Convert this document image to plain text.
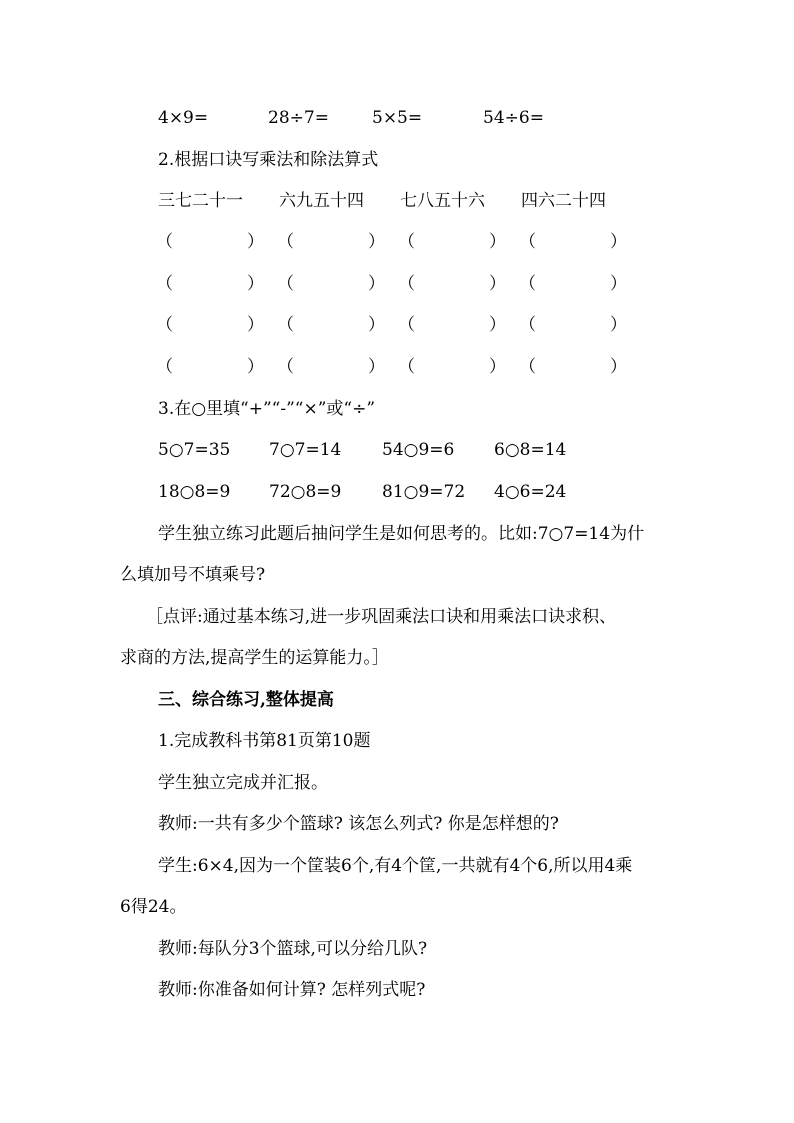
4×9=	28÷7=	5×5=	54÷6=
2.根据口诀写乘法和除法算式
三七二十一 六九五十四 七八五十六 四六二十四
（	） （	） （	） （	）
（	） （	） （	） （	）
（	） （	） （	） （	）
（	） （	） （	） （	）
3.在○里填“+”“-”“×”或“÷”
5○7=35 7○7=14 54○9=6 6○8=14
18○8=9 72○8=9 81○9=72 4○6=24
学生独立练习此题后抽问学生是如何思考的。比如:7○7=14为什
么填加号不填乘号?
［点评:通过基本练习,进一步巩固乘法口诀和用乘法口诀求积、
求商的方法,提高学生的运算能力。］
三、综合练习,整体提高
1.完成教科书第81页第10题
学生独立完成并汇报。
教师:一共有多少个篮球? 该怎么列式? 你是怎样想的?
学生:6×4,因为一个筐装6个,有4个筐,一共就有4个6,所以用4乘
6得24。
教师:每队分3个篮球,可以分给几队?
教师:你准备如何计算? 怎样列式呢?
